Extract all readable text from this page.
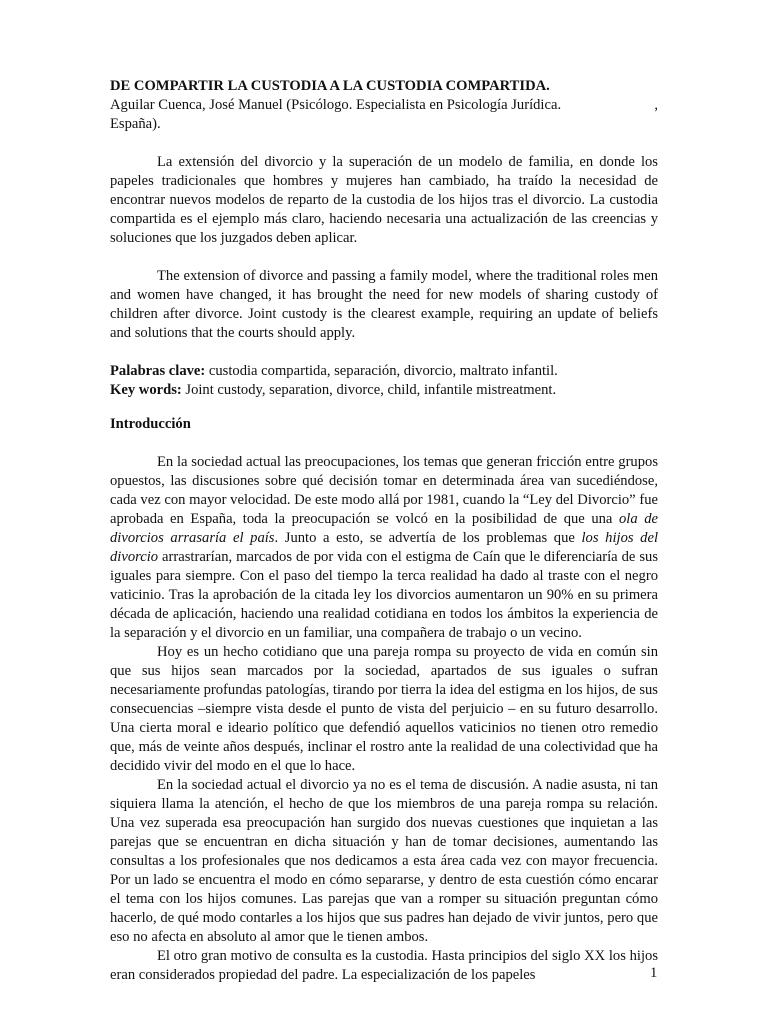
DE COMPARTIR LA CUSTODIA A LA CUSTODIA COMPARTIDA.

Aguilar Cuenca, José Manuel (Psicólogo. Especialista en Psicología Jurídica.	,

España).

La extensión del divorcio y la superación de un modelo de familia, en donde los papeles tradicionales que hombres y mujeres han cambiado, ha traído la necesidad de encontrar nuevos modelos de reparto de la custodia de los hijos tras el divorcio. La custodia compartida es el ejemplo más claro, haciendo necesaria una actualización de las creencias y soluciones que los juzgados deben aplicar.

The extension of divorce and passing a family model, where the traditional roles men and women have changed, it has brought the need for new models of sharing custody of children after divorce. Joint custody is the clearest example, requiring an update of beliefs and solutions that the courts should apply.

Palabras clave: custodia compartida, separación, divorcio, maltrato infantil.

Key words: Joint custody, separation, divorce, child, infantile mistreatment.

Introducción

En la sociedad actual las preocupaciones, los temas que generan fricción entre grupos opuestos, las discusiones sobre qué decisión tomar en determinada área van sucediéndose, cada vez con mayor velocidad. De este modo allá por 1981, cuando la “Ley del Divorcio” fue aprobada en España, toda la preocupación se volcó en la posibilidad de que una ola de divorcios arrasaría el país. Junto a esto, se advertía de los problemas que los hijos del divorcio arrastrarían, marcados de por vida con el estigma de Caín que le diferenciaría de sus iguales para siempre. Con el paso del tiempo la terca realidad ha dado al traste con el negro vaticinio. Tras la aprobación de la citada ley los divorcios aumentaron un 90% en su primera década de aplicación, haciendo una realidad cotidiana en todos los ámbitos la experiencia de la separación y el divorcio en un familiar, una compañera de trabajo o un vecino.

Hoy es un hecho cotidiano que una pareja rompa su proyecto de vida en común sin que sus hijos sean marcados por la sociedad, apartados de sus iguales o sufran necesariamente profundas patologías, tirando por tierra la idea del estigma en los hijos, de sus consecuencias –siempre vista desde el punto de vista del perjuicio – en su futuro desarrollo. Una cierta moral e ideario político que defendió aquellos vaticinios no tienen otro remedio que, más de veinte años después, inclinar el rostro ante la realidad de una colectividad que ha decidido vivir del modo en el que lo hace.

En la sociedad actual el divorcio ya no es el tema de discusión. A nadie asusta, ni tan siquiera llama la atención, el hecho de que los miembros de una pareja rompa su relación. Una vez superada esa preocupación han surgido dos nuevas cuestiones que inquietan a las parejas que se encuentran en dicha situación y han de tomar decisiones, aumentando las consultas a los profesionales que nos dedicamos a esta área cada vez con mayor frecuencia. Por un lado se encuentra el modo en cómo separarse, y dentro de esta cuestión cómo encarar el tema con los hijos comunes. Las parejas que van a romper su situación preguntan cómo hacerlo, de qué modo contarles a los hijos que sus padres han dejado de vivir juntos, pero que eso no afecta en absoluto al amor que le tienen ambos.

El otro gran motivo de consulta es la custodia. Hasta principios del siglo XX los hijos eran considerados propiedad del padre. La especialización de los papeles	1
